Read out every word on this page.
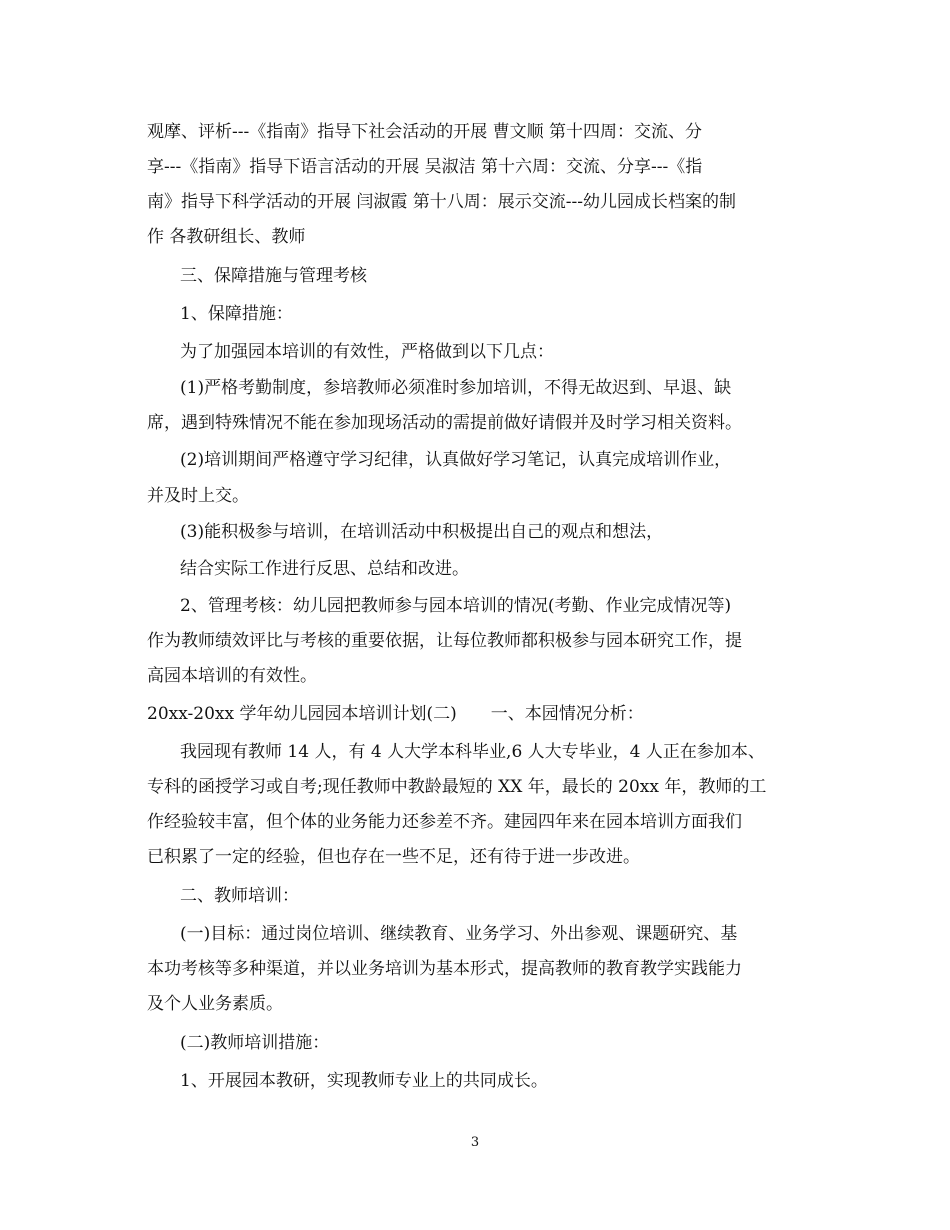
观摩、评析---《指南》指导下社会活动的开展 曹文顺 第十四周：交流、分
享---《指南》指导下语言活动的开展 吴淑洁 第十六周：交流、分享---《指
南》指导下科学活动的开展 闫淑霞 第十八周：展示交流---幼儿园成长档案的制
作 各教研组长、教师
三、保障措施与管理考核
1、保障措施：
为了加强园本培训的有效性，严格做到以下几点：
(1)严格考勤制度，参培教师必须准时参加培训，不得无故迟到、早退、缺
席，遇到特殊情况不能在参加现场活动的需提前做好请假并及时学习相关资料。
(2)培训期间严格遵守学习纪律，认真做好学习笔记，认真完成培训作业，
并及时上交。
(3)能积极参与培训，在培训活动中积极提出自己的观点和想法，
结合实际工作进行反思、总结和改进。
2、管理考核：幼儿园把教师参与园本培训的情况(考勤、作业完成情况等)
作为教师绩效评比与考核的重要依据，让每位教师都积极参与园本研究工作，提
高园本培训的有效性。
20xx-20xx 学年幼儿园园本培训计划(二)　　一、本园情况分析：
我园现有教师 14 人，有 4 人大学本科毕业,6 人大专毕业，4 人正在参加本、
专科的函授学习或自考;现任教师中教龄最短的 XX 年，最长的 20xx 年，教师的工
作经验较丰富，但个体的业务能力还参差不齐。建园四年来在园本培训方面我们
已积累了一定的经验，但也存在一些不足，还有待于进一步改进。
二、教师培训：
(一)目标：通过岗位培训、继续教育、业务学习、外出参观、课题研究、基
本功考核等多种渠道，并以业务培训为基本形式，提高教师的教育教学实践能力
及个人业务素质。
(二)教师培训措施：
1、开展园本教研，实现教师专业上的共同成长。
3
